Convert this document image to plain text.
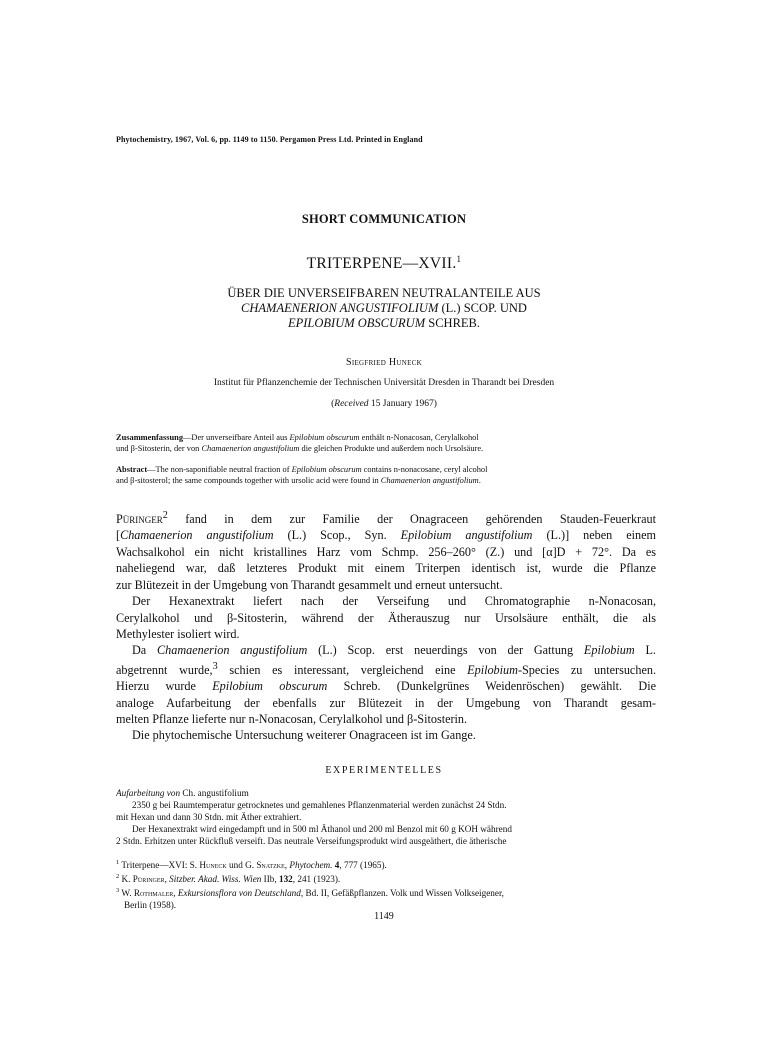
Phytochemistry, 1967, Vol. 6, pp. 1149 to 1150. Pergamon Press Ltd. Printed in England
SHORT COMMUNICATION
TRITERPENE—XVII.$^1$
ÜBER DIE UNVERSEIFBAREN NEUTRALANTEILE AUS
CHAMAENERION ANGUSTIFOLIUM (L.) SCOP. UND
EPILOBIUM OBSCURUM SCHREB.
Siegfried Huneck
Institut für Pflanzenchemie der Technischen Universität Dresden in Tharandt bei Dresden
(Received 15 January 1967)
Zusammenfassung—Der unverseifbare Anteil aus Epilobium obscurum enthält n-Nonacosan, Cerylalkohol
und β-Sitosterin, der von Chamaenerion angustifolium die gleichen Produkte und außerdem noch Ursolsäure.
Abstract—The non-saponifiable neutral fraction of Epilobium obscurum contains n-nonacosane, ceryl alcohol
and β-sitosterol; the same compounds together with ursolic acid were found in Chamaenerion angustifolium.

Püringer$^2$ fand in dem zur Familie der Onagraceen gehörenden Stauden-Feuerkraut
[Chamaenerion angustifolium (L.) Scop., Syn. Epilobium angustifolium (L.)] neben einem
Wachsalkohol ein nicht kristallines Harz vom Schmp. 256–260° (Z.) und [α]D + 72°. Da es
naheliegend war, daß letzteres Produkt mit einem Triterpen identisch ist, wurde die Pflanze
zur Blütezeit in der Umgebung von Tharandt gesammelt und erneut untersucht.

Der Hexanextrakt liefert nach der Verseifung und Chromatographie n-Nonacosan,
Cerylalkohol und β-Sitosterin, während der Ätherauszug nur Ursolsäure enthält, die als
Methylester isoliert wird.

Da Chamaenerion angustifolium (L.) Scop. erst neuerdings von der Gattung Epilobium L.
abgetrennt wurde,$^3$ schien es interessant, vergleichend eine Epilobium-Species zu untersuchen.
Hierzu wurde Epilobium obscurum Schreb. (Dunkelgrünes Weidenröschen) gewählt. Die
analoge Aufarbeitung der ebenfalls zur Blütezeit in der Umgebung von Tharandt gesam-
melten Pflanze lieferte nur n-Nonacosan, Cerylalkohol und β-Sitosterin.

Die phytochemische Untersuchung weiterer Onagraceen ist im Gange.

EXPERIMENTELLES
Aufarbeitung von Ch. angustifolium
2350 g bei Raumtemperatur getrocknetes und gemahlenes Pflanzenmaterial werden zunächst 24 Stdn.
mit Hexan und dann 30 Stdn. mit Äther extrahiert.
Der Hexanextrakt wird eingedampft und in 500 ml Äthanol und 200 ml Benzol mit 60 g KOH während
2 Stdn. Erhitzen unter Rückfluß verseift. Das neutrale Verseifungsprodukt wird ausgeäthert, die ätherische
$^1$ Triterpene—XVI: S. Huneck und G. Snatzke, Phytochem. 4, 777 (1965).
$^2$ K. Püringer, Sitzber. Akad. Wiss. Wien IIb, 132, 241 (1923).
$^3$ W. Rothmaler, Exkursionsflora von Deutschland, Bd. II, Gefäßpflanzen. Volk und Wissen Volkseigener,
Berlin (1958).
1149
